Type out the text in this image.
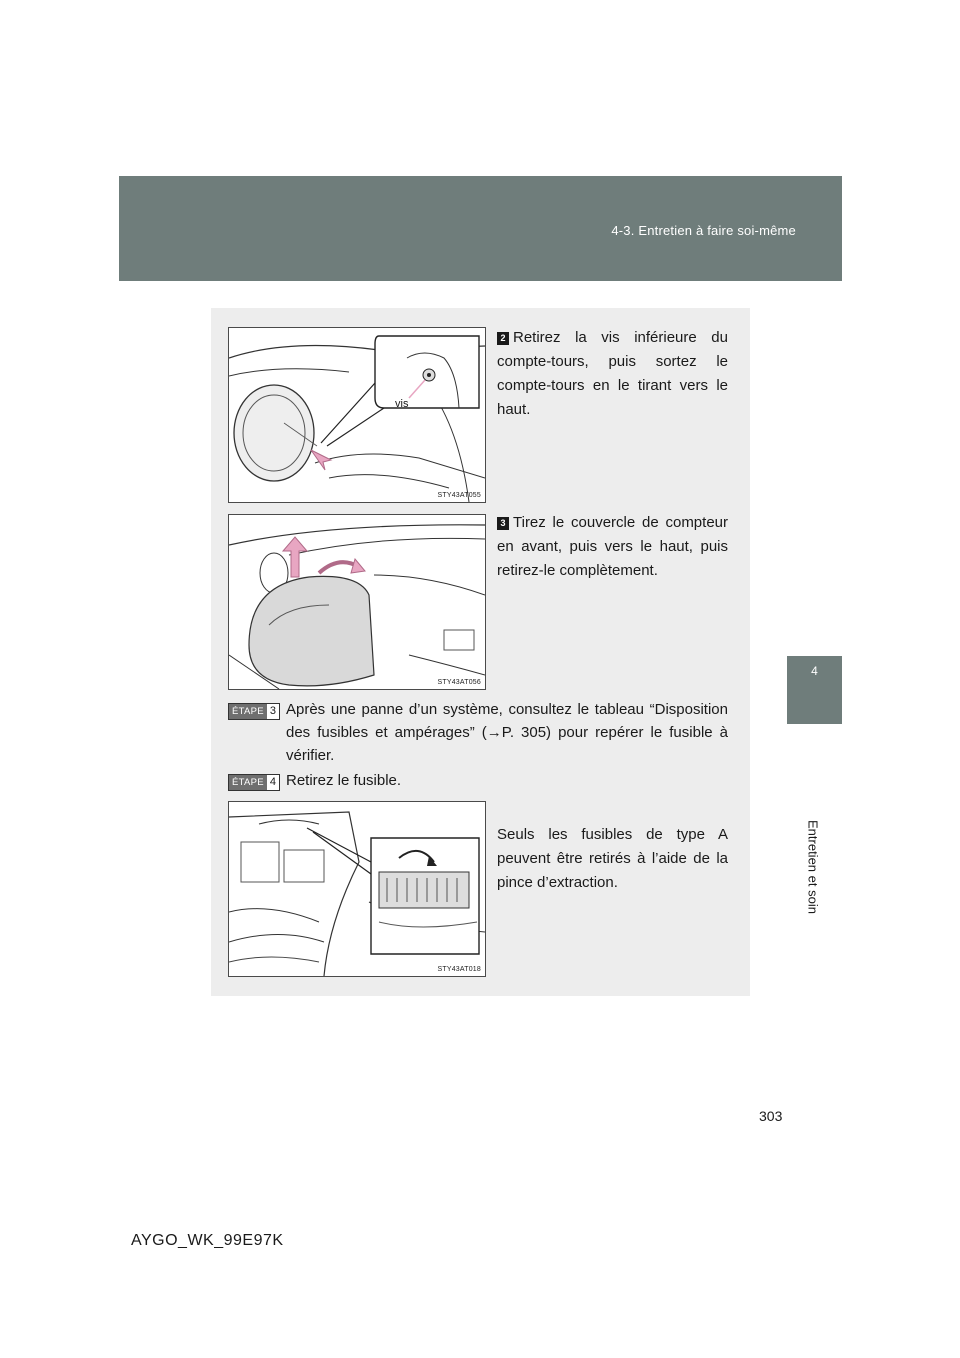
4-3. Entretien à faire soi-même
4
Entretien et soin
vis
STY43AT055
2 Retirez la vis inférieure du compte-tours, puis sortez le compte-tours en le tirant vers le haut.
STY43AT056
3 Tirez le couvercle de compteur en avant, puis vers le haut, puis retirez-le complètement.
ÉTAPE 3 Après une panne d’un système, consultez le tableau “Disposition des fusibles et ampérages” (→P. 305) pour repérer le fusible à vérifier.
ÉTAPE 4 Retirez le fusible.
STY43AT018
Seuls les fusibles de type A peuvent être retirés à l’aide de la pince d’extraction.
303
AYGO_WK_99E97K
